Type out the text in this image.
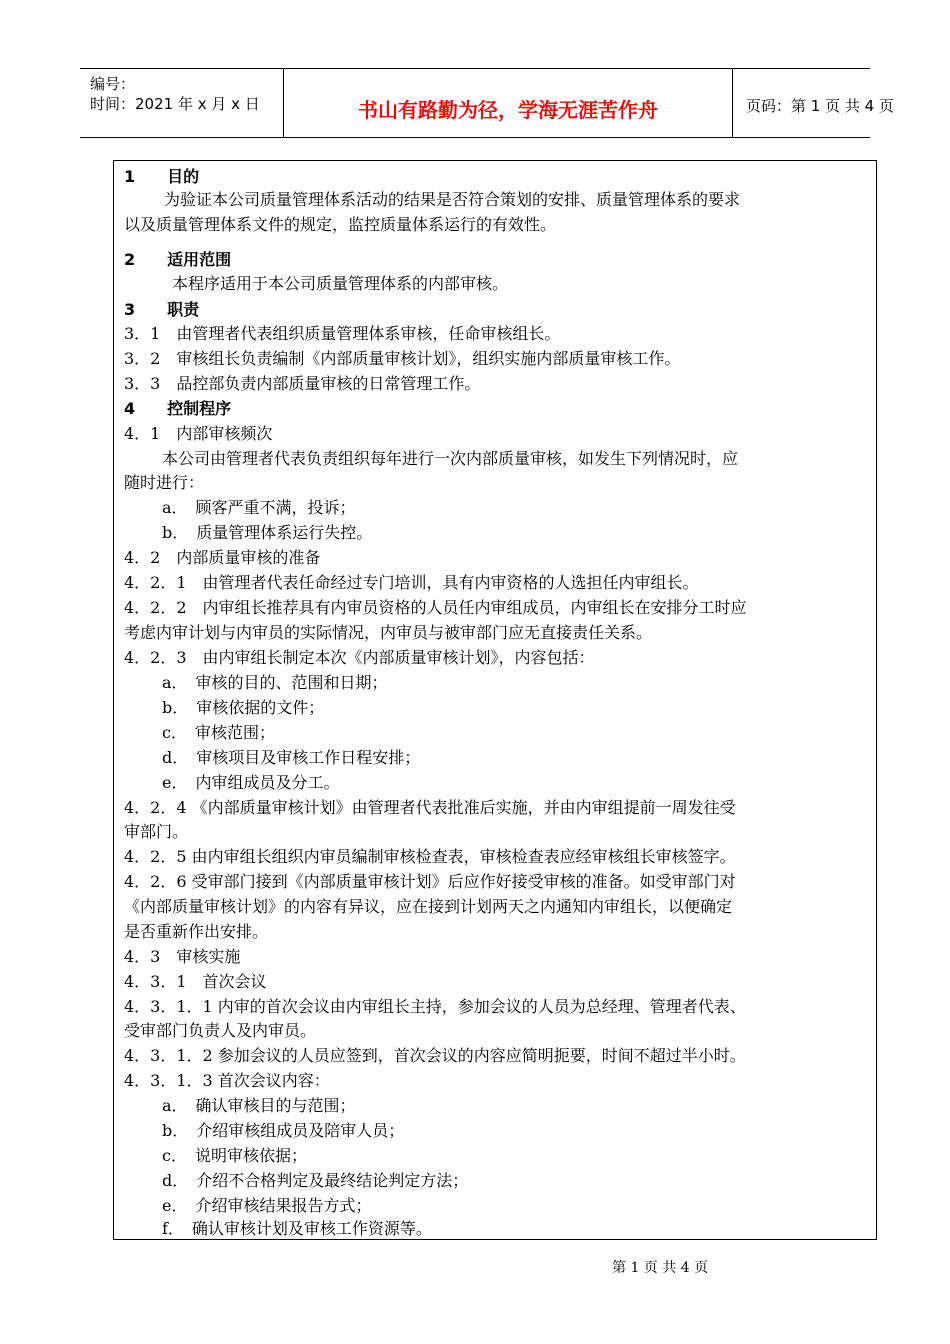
编号：
时间：2021 年 x 月 x 日	书山有路勤为径，学海无涯苦作舟	页码：第 1 页 共 4 页
1　　目的
为验证本公司质量管理体系活动的结果是否符合策划的安排、质量管理体系的要求
以及质量管理体系文件的规定，监控质量体系运行的有效性。
2　　适用范围
本程序适用于本公司质量管理体系的内部审核。
3　　职责
3．1　由管理者代表组织质量管理体系审核，任命审核组长。
3．2　审核组长负责编制《内部质量审核计划》，组织实施内部质量审核工作。
3．3　品控部负责内部质量审核的日常管理工作。
4　　控制程序
4．1　内部审核频次
本公司由管理者代表负责组织每年进行一次内部质量审核，如发生下列情况时，应
随时进行：
a．　顾客严重不满，投诉；
b．　质量管理体系运行失控。
4．2　内部质量审核的准备
4．2．1　由管理者代表任命经过专门培训，具有内审资格的人选担任内审组长。
4．2．2　内审组长推荐具有内审员资格的人员任内审组成员，内审组长在安排分工时应
考虑内审计划与内审员的实际情况，内审员与被审部门应无直接责任关系。
4．2．3　由内审组长制定本次《内部质量审核计划》，内容包括：
a．　审核的目的、范围和日期；
b．　审核依据的文件；
c．　审核范围；
d．　审核项目及审核工作日程安排；
e．　内审组成员及分工。
4．2．4 《内部质量审核计划》由管理者代表批准后实施，并由内审组提前一周发往受
审部门。
4．2．5 由内审组长组织内审员编制审核检查表，审核检查表应经审核组长审核签字。
4．2．6 受审部门接到《内部质量审核计划》后应作好接受审核的准备。如受审部门对
《内部质量审核计划》的内容有异议，应在接到计划两天之内通知内审组长，以便确定
是否重新作出安排。
4．3　审核实施
4．3．1　首次会议
4．3．1．1 内审的首次会议由内审组长主持，参加会议的人员为总经理、管理者代表、
受审部门负责人及内审员。
4．3．1．2 参加会议的人员应签到，首次会议的内容应简明扼要，时间不超过半小时。
4．3．1．3 首次会议内容：
a．　确认审核目的与范围；
b．　介绍审核组成员及陪审人员；
c．　说明审核依据；
d．　介绍不合格判定及最终结论判定方法；
e．　介绍审核结果报告方式；
f．　确认审核计划及审核工作资源等。
第 1 页 共 4 页
